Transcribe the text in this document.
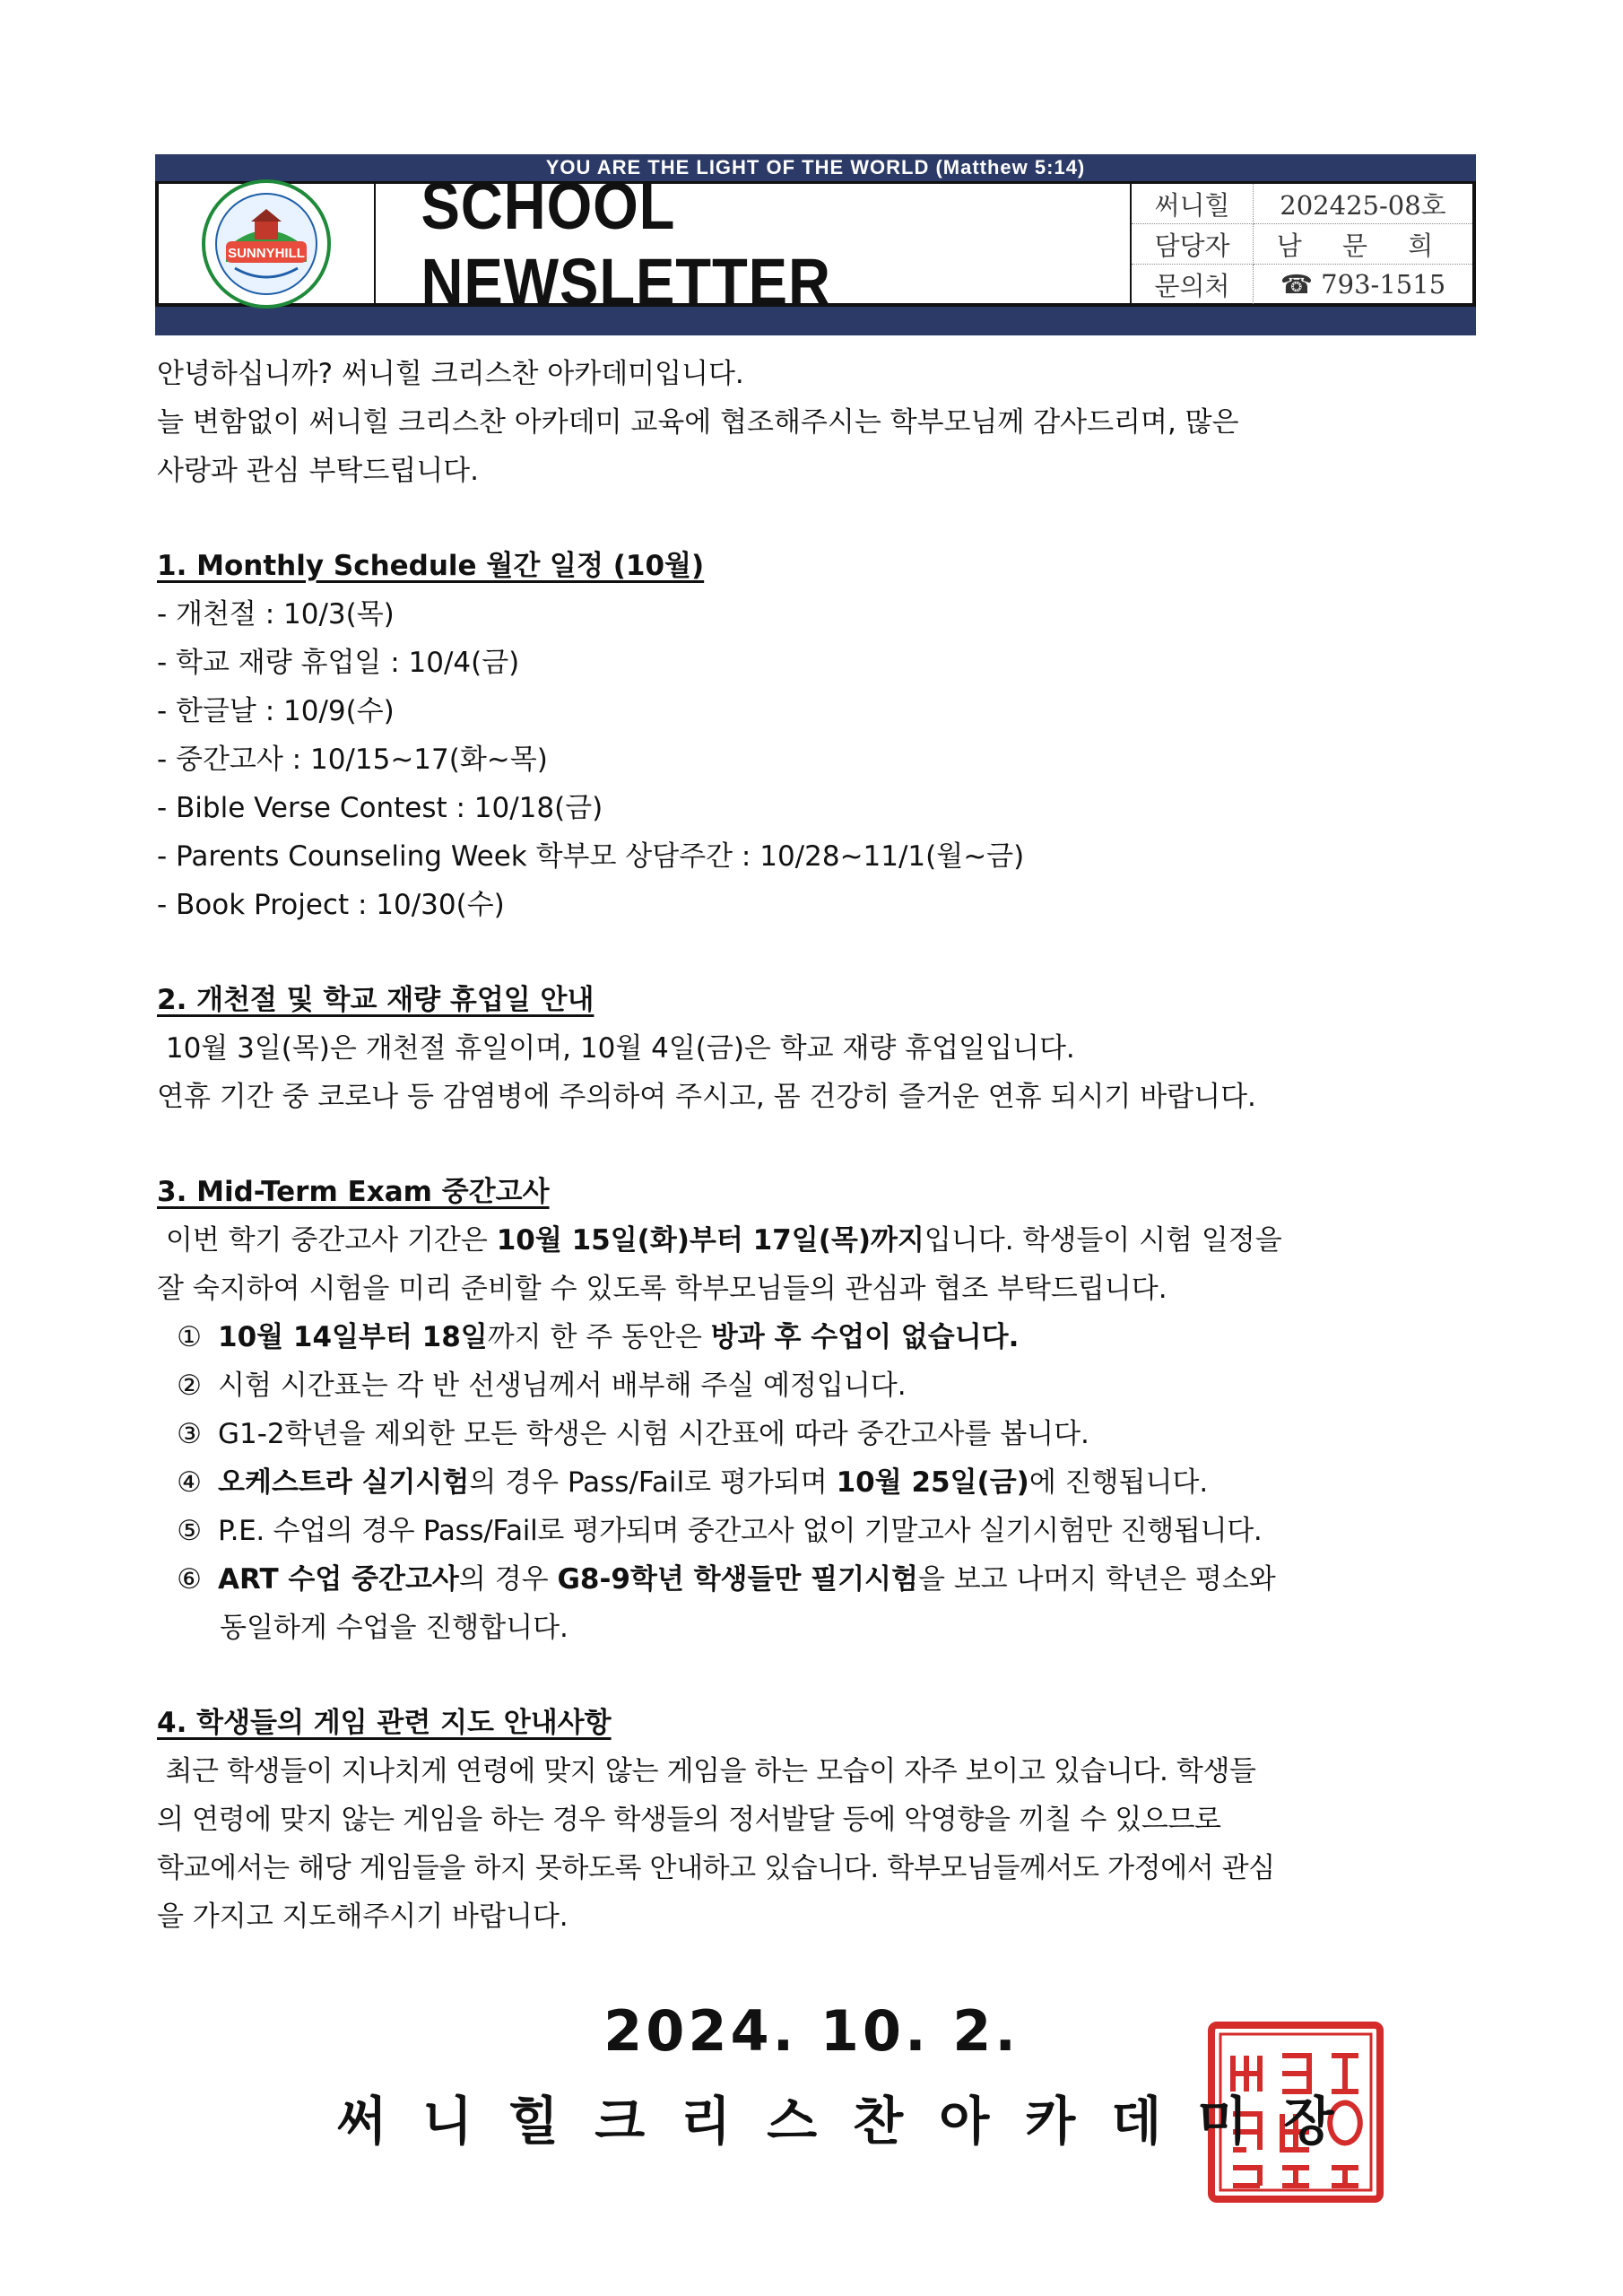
YOU ARE THE LIGHT OF THE WORLD (Matthew 5:14)
SUNNYHILL
SCHOOL NEWSLETTER
써니힐	202425-08호
담당자	남 문 희
문의처	☎ 793-1515
안녕하십니까? 써니힐 크리스찬 아카데미입니다.
늘 변함없이 써니힐 크리스찬 아카데미 교육에 협조해주시는 학부모님께 감사드리며, 많은
사랑과 관심 부탁드립니다.
1. Monthly Schedule 월간 일정 (10월)
- 개천절 : 10/3(목)
- 학교 재량 휴업일 : 10/4(금)
- 한글날 : 10/9(수)
- 중간고사 : 10/15~17(화~목)
- Bible Verse Contest : 10/18(금)
- Parents Counseling Week 학부모 상담주간 : 10/28~11/1(월~금)
- Book Project : 10/30(수)
2. 개천절 및 학교 재량 휴업일 안내
10월 3일(목)은 개천절 휴일이며, 10월 4일(금)은 학교 재량 휴업일입니다.
연휴 기간 중 코로나 등 감염병에 주의하여 주시고, 몸 건강히 즐거운 연휴 되시기 바랍니다.
3. Mid-Term Exam 중간고사
이번 학기 중간고사 기간은 10월 15일(화)부터 17일(목)까지입니다. 학생들이 시험 일정을
잘 숙지하여 시험을 미리 준비할 수 있도록 학부모님들의 관심과 협조 부탁드립니다.
① 10월 14일부터 18일까지 한 주 동안은 방과 후 수업이 없습니다.
② 시험 시간표는 각 반 선생님께서 배부해 주실 예정입니다.
③ G1-2학년을 제외한 모든 학생은 시험 시간표에 따라 중간고사를 봅니다.
④ 오케스트라 실기시험의 경우 Pass/Fail로 평가되며 10월 25일(금)에 진행됩니다.
⑤ P.E. 수업의 경우 Pass/Fail로 평가되며 중간고사 없이 기말고사 실기시험만 진행됩니다.
⑥ ART 수업 중간고사의 경우 G8-9학년 학생들만 필기시험을 보고 나머지 학년은 평소와
동일하게 수업을 진행합니다.
4. 학생들의 게임 관련 지도 안내사항
최근 학생들이 지나치게 연령에 맞지 않는 게임을 하는 모습이 자주 보이고 있습니다. 학생들
의 연령에 맞지 않는 게임을 하는 경우 학생들의 정서발달 등에 악영향을 끼칠 수 있으므로
학교에서는 해당 게임들을 하지 못하도록 안내하고 있습니다. 학부모님들께서도 가정에서 관심
을 가지고 지도해주시기 바랍니다.
2024. 10. 2.
써니힐크리스찬아카데미장
